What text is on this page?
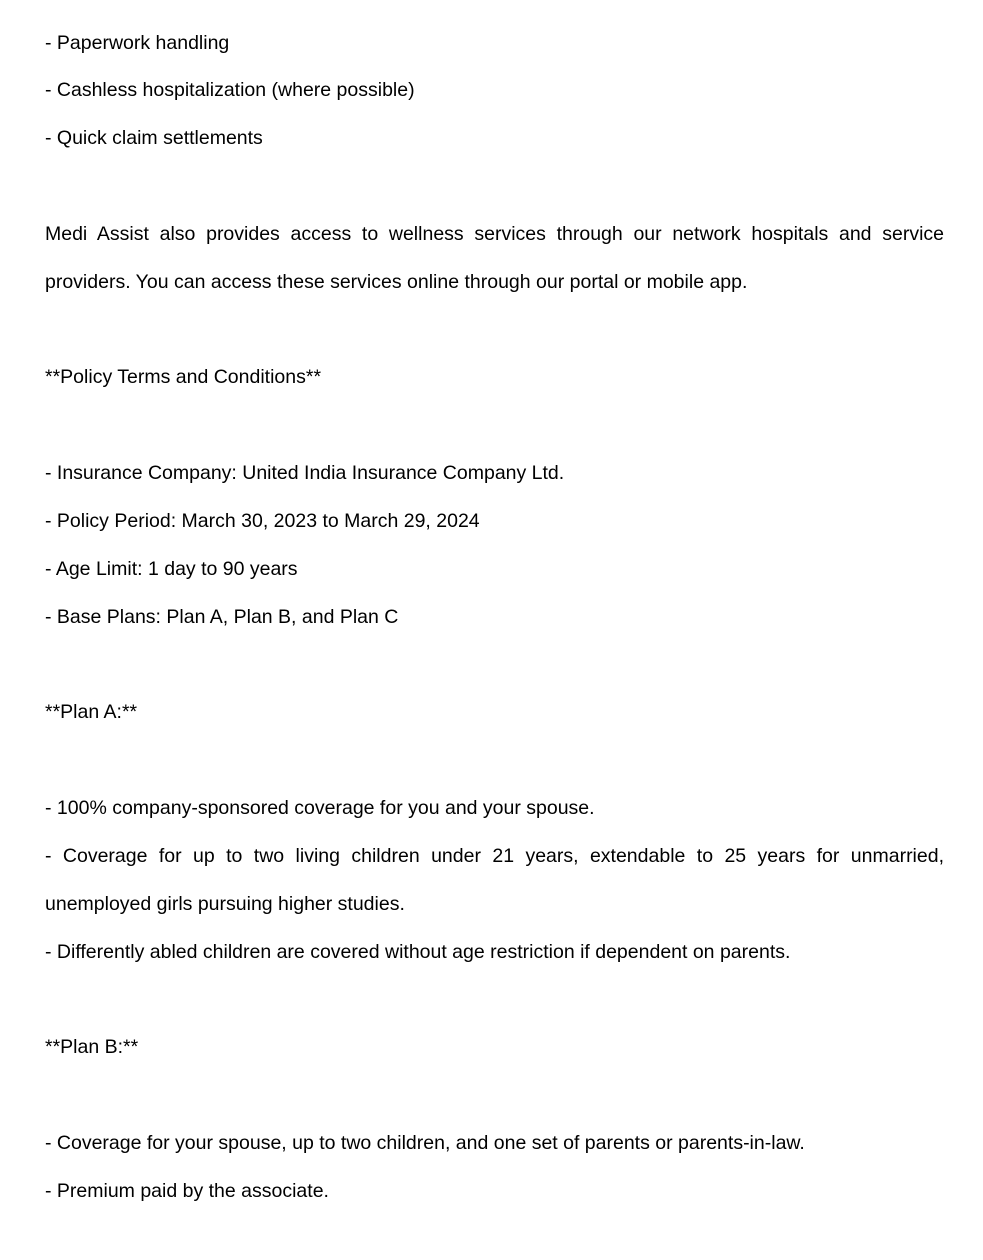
- Paperwork handling
- Cashless hospitalization (where possible)
- Quick claim settlements
Medi Assist also provides access to wellness services through our network hospitals and service
providers. You can access these services online through our portal or mobile app.
**Policy Terms and Conditions**
- Insurance Company: United India Insurance Company Ltd.
- Policy Period: March 30, 2023 to March 29, 2024
- Age Limit: 1 day to 90 years
- Base Plans: Plan A, Plan B, and Plan C
**Plan A:**
- 100% company-sponsored coverage for you and your spouse.
- Coverage for up to two living children under 21 years, extendable to 25 years for unmarried,
unemployed girls pursuing higher studies.
- Differently abled children are covered without age restriction if dependent on parents.
**Plan B:**
- Coverage for your spouse, up to two children, and one set of parents or parents-in-law.
- Premium paid by the associate.
